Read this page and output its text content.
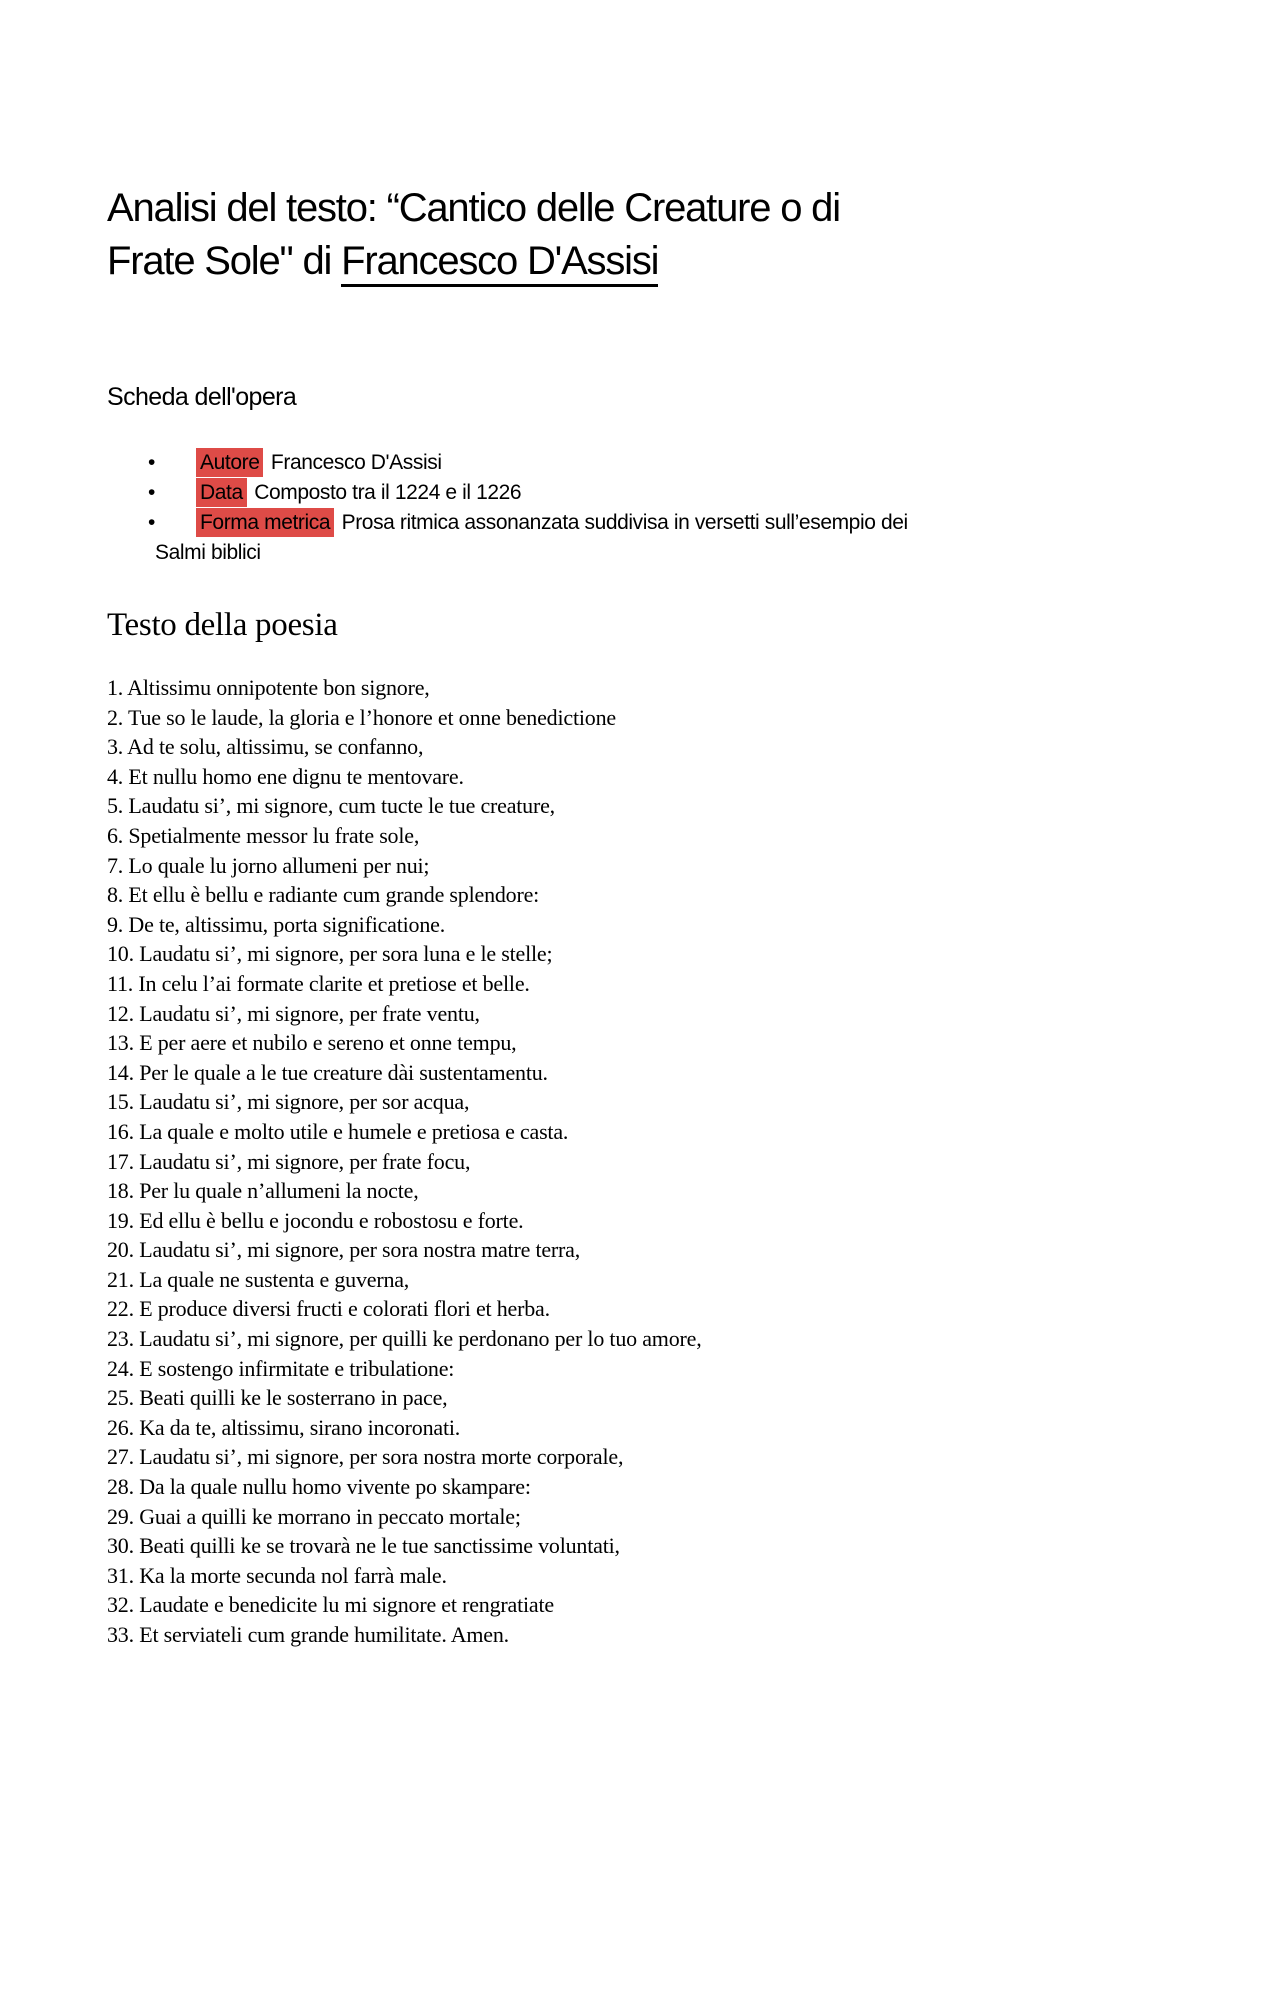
Analisi del testo: “Cantico delle Creature o di
Frate Sole" di Francesco D'Assisi
Scheda dell'opera
• Autore Francesco D'Assisi
• Data Composto tra il 1224 e il 1226
• Forma metrica Prosa ritmica assonanzata suddivisa in versetti sull’esempio dei
Salmi biblici
Testo della poesia
1. Altissimu onnipotente bon signore,
2. Tue so le laude, la gloria e l’honore et onne benedictione
3. Ad te solu, altissimu, se confanno,
4. Et nullu homo ene dignu te mentovare.
5. Laudatu si’, mi signore, cum tucte le tue creature,
6. Spetialmente messor lu frate sole,
7. Lo quale lu jorno allumeni per nui;
8. Et ellu è bellu e radiante cum grande splendore:
9. De te, altissimu, porta significatione.
10. Laudatu si’, mi signore, per sora luna e le stelle;
11. In celu l’ai formate clarite et pretiose et belle.
12. Laudatu si’, mi signore, per frate ventu,
13. E per aere et nubilo e sereno et onne tempu,
14. Per le quale a le tue creature dài sustentamentu.
15. Laudatu si’, mi signore, per sor acqua,
16. La quale e molto utile e humele e pretiosa e casta.
17. Laudatu si’, mi signore, per frate focu,
18. Per lu quale n’allumeni la nocte,
19. Ed ellu è bellu e jocondu e robostosu e forte.
20. Laudatu si’, mi signore, per sora nostra matre terra,
21. La quale ne sustenta e guverna,
22. E produce diversi fructi e colorati flori et herba.
23. Laudatu si’, mi signore, per quilli ke perdonano per lo tuo amore,
24. E sostengo infirmitate e tribulatione:
25. Beati quilli ke le sosterrano in pace,
26. Ka da te, altissimu, sirano incoronati.
27. Laudatu si’, mi signore, per sora nostra morte corporale,
28. Da la quale nullu homo vivente po skampare:
29. Guai a quilli ke morrano in peccato mortale;
30. Beati quilli ke se trovarà ne le tue sanctissime voluntati,
31. Ka la morte secunda nol farrà male.
32. Laudate e benedicite lu mi signore et rengratiate
33. Et serviateli cum grande humilitate. Amen.
